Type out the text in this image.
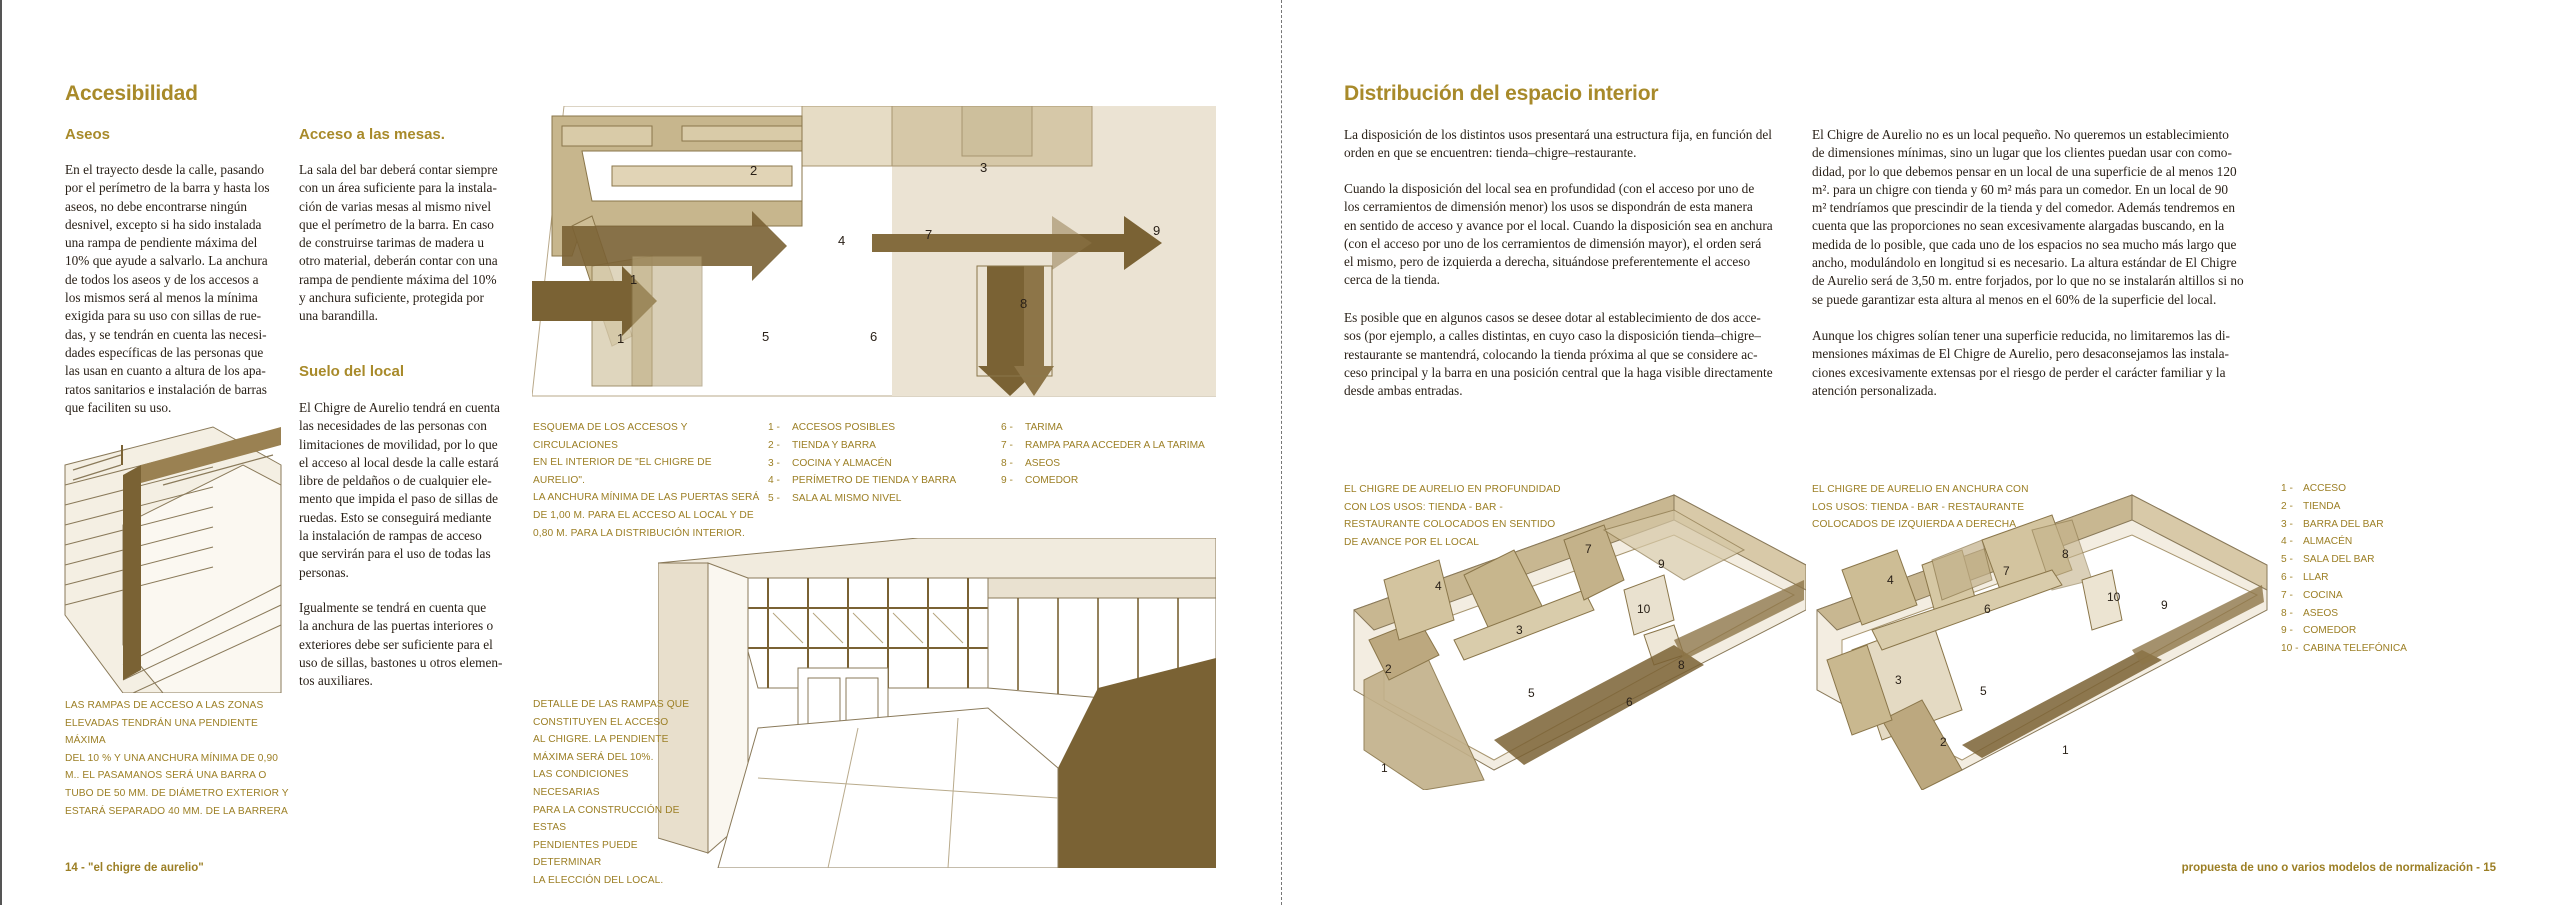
Accesibilidad
Aseos
En el trayecto desde la calle, pasando
por el perímetro de la barra y hasta los
aseos, no debe encontrarse ningún
desnivel, excepto si ha sido instalada
una rampa de pendiente máxima del
10% que ayude a salvarlo. La anchura
de todos los aseos y de los accesos a
los mismos será al menos la mínima
exigida para su uso con sillas de rue-
das, y se tendrán en cuenta las necesi-
dades específicas de las personas que
las usan en cuanto a altura de los apa-
ratos sanitarios e instalación de barras
que faciliten su uso.
Acceso a las mesas.
La sala del bar deberá contar siempre
con un área suficiente para la instala-
ción de varias mesas al mismo nivel
que el perímetro de la barra. En caso
de construirse tarimas de madera u
otro material, deberán contar con una
rampa de pendiente máxima del 10%
y anchura suficiente, protegida por
una barandilla.
Suelo del local
El Chigre de Aurelio tendrá en cuenta
las necesidades de las personas con
limitaciones de movilidad, por lo que
el acceso al local desde la calle estará
libre de peldaños o de cualquier ele-
mento que impida el paso de sillas de
ruedas. Esto se conseguirá mediante
la instalación de rampas de acceso
que servirán para el uso de todas las
personas.
Igualmente se tendrá en cuenta que
la anchura de las puertas interiores o
exteriores debe ser suficiente para el
uso de sillas, bastones u otros elemen-
tos auxiliares.
LAS RAMPAS DE ACCESO A LAS ZONAS
ELEVADAS TENDRÁN UNA PENDIENTE MÁXIMA
DEL 10 % Y UNA ANCHURA MÍNIMA DE 0,90
M.. EL PASAMANOS SERÁ UNA BARRA O
TUBO DE 50 MM. DE DIÁMETRO EXTERIOR Y
ESTARÁ SEPARADO 40 MM. DE LA BARRERA
1
1
2	3
4
5	6
7
8
9
ESQUEMA DE LOS ACCESOS Y CIRCULACIONES
EN EL INTERIOR DE "EL CHIGRE DE AURELIO".
LA ANCHURA MÍNIMA DE LAS PUERTAS SERÁ
DE 1,00 M. PARA EL ACCESO AL LOCAL Y DE
0,80 M. PARA LA DISTRIBUCIÓN INTERIOR.
1 -	ACCESOS POSIBLES
2 -	TIENDA Y BARRA
3 -	COCINA Y ALMACÉN
4 -	PERÍMETRO DE TIENDA Y BARRA
5 -	SALA AL MISMO NIVEL
6 -	TARIMA
7 -	RAMPA PARA ACCEDER A LA TARIMA
8 -	ASEOS
9 -	COMEDOR
DETALLE DE LAS RAMPAS QUE
CONSTITUYEN EL ACCESO
AL CHIGRE. LA PENDIENTE
MÁXIMA SERÁ DEL 10%.
LAS CONDICIONES NECESARIAS
PARA LA CONSTRUCCIÓN DE ESTAS
PENDIENTES PUEDE DETERMINAR
LA ELECCIÓN DEL LOCAL.
14 - "el chigre de aurelio"
Distribución del espacio interior
La disposición de los distintos usos presentará una estructura fija, en función del
orden en que se encuentren: tienda–chigre–restaurante.
Cuando la disposición del local sea en profundidad (con el acceso por uno de
los cerramientos de dimensión menor) los usos se dispondrán de esta manera
en sentido de acceso y avance por el local. Cuando la disposición sea en anchura
(con el acceso por uno de los cerramientos de dimensión mayor), el orden será
el mismo, pero de izquierda a derecha, situándose preferentemente el acceso
cerca de la tienda.
Es posible que en algunos casos se desee dotar al establecimiento de dos acce-
sos (por ejemplo, a calles distintas, en cuyo caso la disposición tienda–chigre–
restaurante se mantendrá, colocando la tienda próxima al que se considere ac-
ceso principal y la barra en una posición central que la haga visible directamente
desde ambas entradas.
El Chigre de Aurelio no es un local pequeño. No queremos un establecimiento
de dimensiones mínimas, sino un lugar que los clientes puedan usar con como-
didad, por lo que debemos pensar en un local de una superficie de al menos 120
m². para un chigre con tienda y 60 m² más para un comedor. En un local de 90
m² tendríamos que prescindir de la tienda y del comedor. Además tendremos en
cuenta que las proporciones no sean excesivamente alargadas buscando, en la
medida de lo posible, que cada uno de los espacios no sea mucho más largo que
ancho, modulándolo en longitud si es necesario. La altura estándar de El Chigre
de Aurelio será de 3,50 m. entre forjados, por lo que no se instalarán altillos si no
se puede garantizar esta altura al menos en el 60% de la superficie del local.
Aunque los chigres solían tener una superficie reducida, no limitaremos las di-
mensiones máximas de El Chigre de Aurelio, pero desaconsejamos las instala-
ciones excesivamente extensas por el riesgo de perder el carácter familiar y la
atención personalizada.
EL CHIGRE DE AURELIO EN PROFUNDIDAD
CON LOS USOS: TIENDA - BAR -
RESTAURANTE COLOCADOS EN SENTIDO
DE AVANCE POR EL LOCAL
EL CHIGRE DE AURELIO EN ANCHURA CON
LOS USOS: TIENDA - BAR - RESTAURANTE
COLOCADOS DE IZQUIERDA A DERECHA
1
2
3
4
5
6
7
8
9
10
1
2
3
4
5
6
7
8
9
10
1 - ACCESO
2 - TIENDA
3 - BARRA DEL BAR
4 - ALMACÉN
5 - SALA DEL BAR
6 - LLAR
7 - COCINA
8 - ASEOS
9 - COMEDOR
10 - CABINA TELEFÓNICA
propuesta de uno o varios modelos de normalización - 15
